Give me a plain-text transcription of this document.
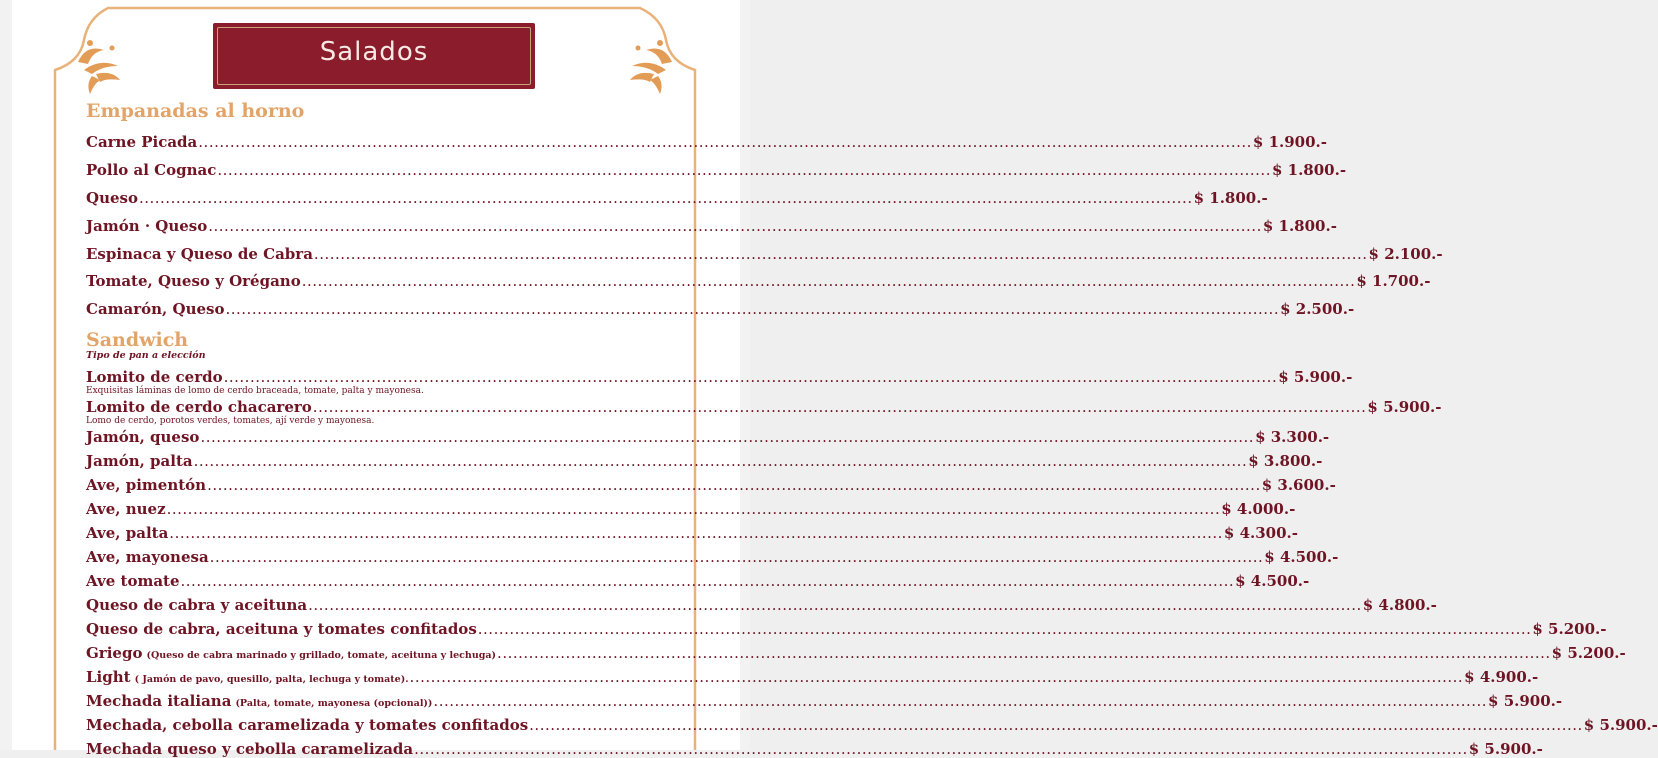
Salados
Empanadas al horno
Carne Picada ........................................................................................................................................................................................................ $ 1.900.-
Pollo al Cognac ........................................................................................................................................................................................................ $ 1.800.-
Queso ........................................................................................................................................................................................................ $ 1.800.-
Jamón · Queso ........................................................................................................................................................................................................ $ 1.800.-
Espinaca y Queso de Cabra ........................................................................................................................................................................................................ $ 2.100.-
Tomate, Queso y Orégano ........................................................................................................................................................................................................ $ 1.700.-
Camarón, Queso ........................................................................................................................................................................................................ $ 2.500.-
Sandwich
Tipo de pan a elección
Lomito de cerdo ........................................................................................................................................................................................................ $ 5.900.-
Exquisitas láminas de lomo de cerdo braceada, tomate, palta y mayonesa.
Lomito de cerdo chacarero ........................................................................................................................................................................................................ $ 5.900.-
Lomo de cerdo, porotos verdes, tomates, ají verde y mayonesa.
Jamón, queso ........................................................................................................................................................................................................ $ 3.300.-
Jamón, palta ........................................................................................................................................................................................................ $ 3.800.-
Ave, pimentón ........................................................................................................................................................................................................ $ 3.600.-
Ave, nuez ........................................................................................................................................................................................................ $ 4.000.-
Ave, palta ........................................................................................................................................................................................................ $ 4.300.-
Ave, mayonesa ........................................................................................................................................................................................................ $ 4.500.-
Ave tomate ........................................................................................................................................................................................................ $ 4.500.-
Queso de cabra y aceituna ........................................................................................................................................................................................................ $ 4.800.-
Queso de cabra, aceituna y tomates confitados ........................................................................................................................................................................................................ $ 5.200.-
Griego (Queso de cabra marinado y grillado, tomate, aceituna y lechuga) ........................................................................................................................................................................................................ $ 5.200.-
Light ( Jamón de pavo, quesillo, palta, lechuga y tomate). ........................................................................................................................................................................................................ $ 4.900.-
Mechada italiana (Palta, tomate, mayonesa (opcional)) ........................................................................................................................................................................................................ $ 5.900.-
Mechada, cebolla caramelizada y tomates confitados ........................................................................................................................................................................................................ $ 5.900.-
Mechada queso y cebolla caramelizada ........................................................................................................................................................................................................ $ 5.900.-
